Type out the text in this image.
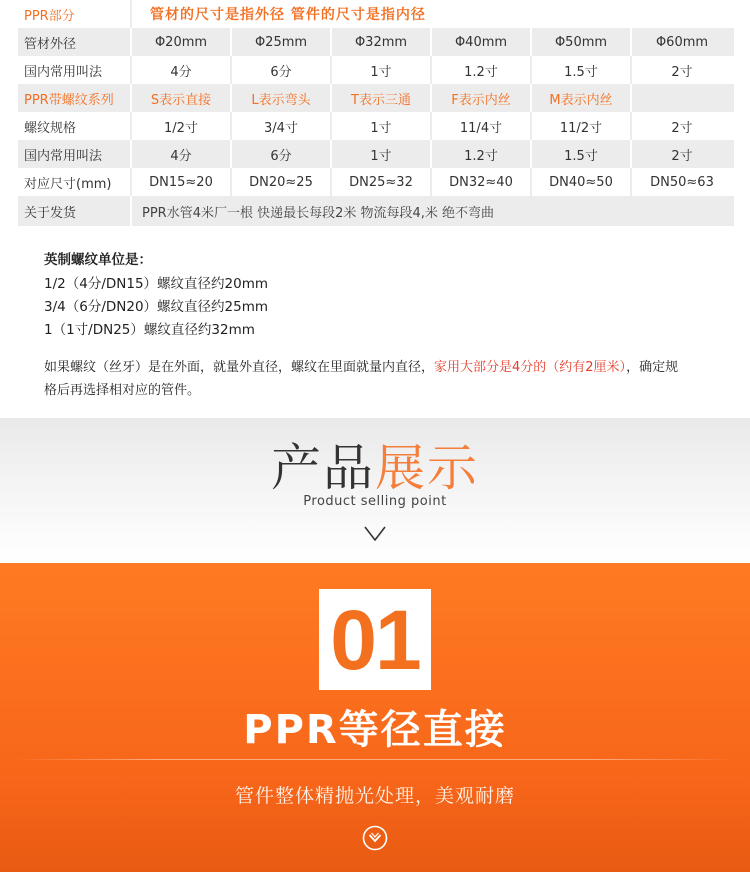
PPR部分	管材的尺寸是指外径 管件的尺寸是指内径
管材外径	Φ20mm	Φ25mm	Φ32mm	Φ40mm	Φ50mm	Φ60mm
国内常用叫法	4分	6分	1寸	1.2寸	1.5寸	2寸
PPR带螺纹系列	S表示直接	L表示弯头	T表示三通	F表示内丝	M表示内丝
螺纹规格	1/2寸	3/4寸	1寸	11/4寸	11/2寸	2寸
国内常用叫法	4分	6分	1寸	1.2寸	1.5寸	2寸
对应尺寸(mm)	DN15≈20	DN20≈25	DN25≈32	DN32≈40	DN40≈50	DN50≈63
关于发货	PPR水管4米厂一根 快递最长每段2米 物流每段4,米 绝不弯曲
英制螺纹单位是：
1/2（4分/DN15）螺纹直径约20mm
3/4（6分/DN20）螺纹直径约25mm
1（1寸/DN25）螺纹直径约32mm
如果螺纹（丝牙）是在外面，就量外直径，螺纹在里面就量内直径，家用大部分是4分的（约有2厘米），确定规格后再选择相对应的管件。
产品展示
Product selling point
01
PPR等径直接
管件整体精抛光处理，美观耐磨
